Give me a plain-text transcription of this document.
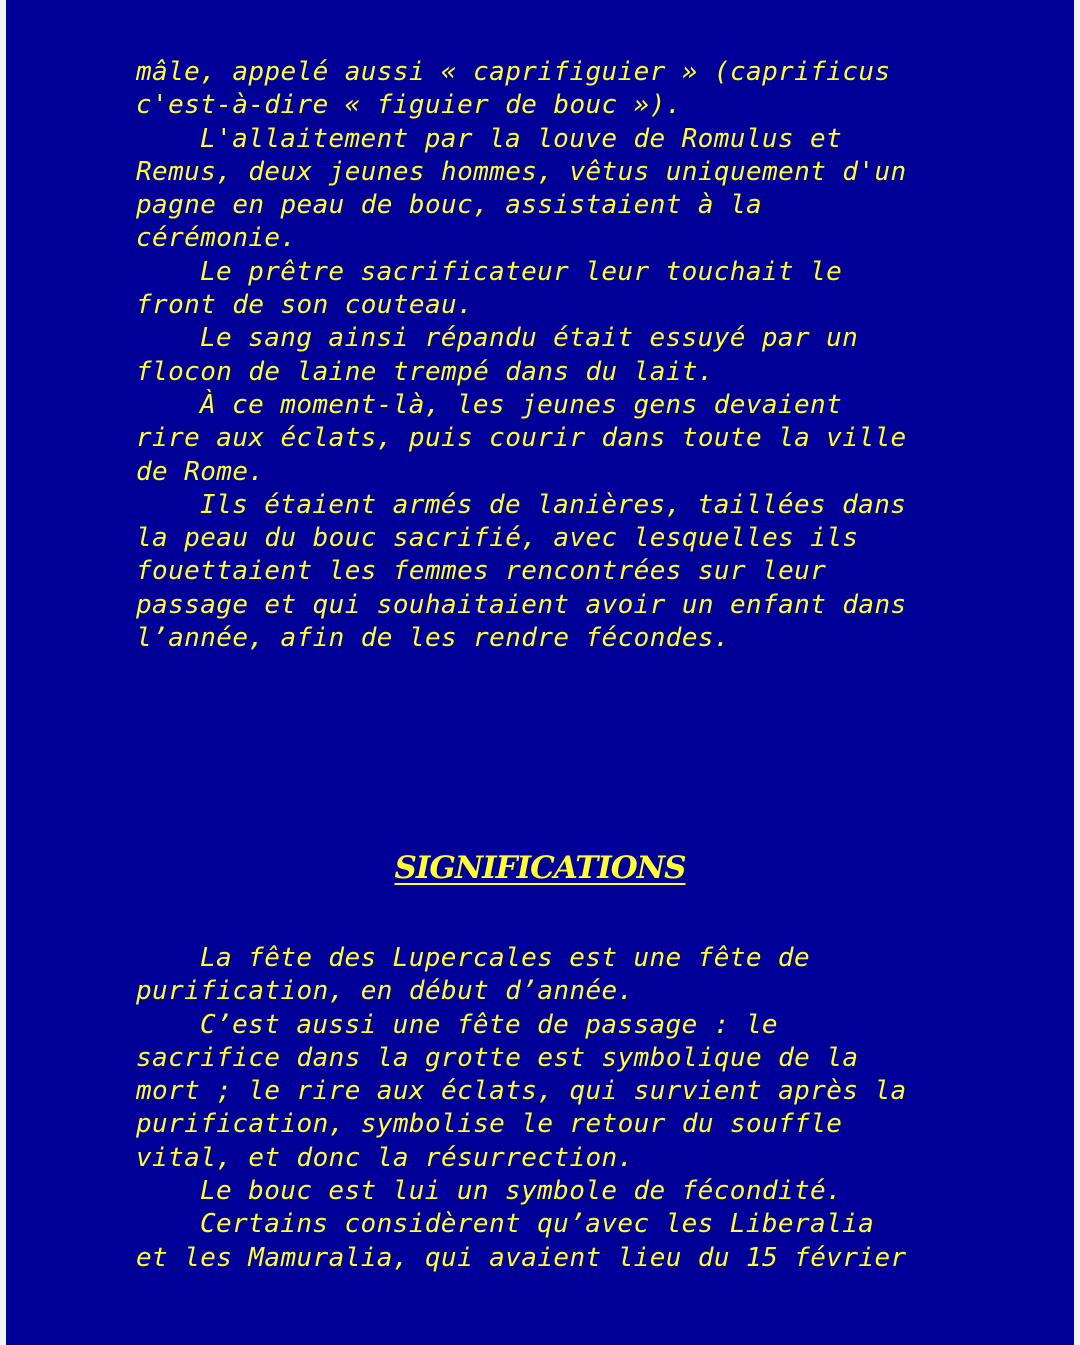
mâle, appelé aussi « caprifiguier » (caprificus
c'est-à-dire « figuier de bouc »).
L'allaitement par la louve de Romulus et
Remus, deux jeunes hommes, vêtus uniquement d'un
pagne en peau de bouc, assistaient à la
cérémonie.
Le prêtre sacrificateur leur touchait le
front de son couteau.
Le sang ainsi répandu était essuyé par un
flocon de laine trempé dans du lait.
À ce moment-là, les jeunes gens devaient
rire aux éclats, puis courir dans toute la ville
de Rome.
Ils étaient armés de lanières, taillées dans
la peau du bouc sacrifié, avec lesquelles ils
fouettaient les femmes rencontrées sur leur
passage et qui souhaitaient avoir un enfant dans
l’année, afin de les rendre fécondes.
SIGNIFICATIONS
La fête des Lupercales est une fête de
purification, en début d’année.
C’est aussi une fête de passage : le
sacrifice dans la grotte est symbolique de la
mort ; le rire aux éclats, qui survient après la
purification, symbolise le retour du souffle
vital, et donc la résurrection.
Le bouc est lui un symbole de fécondité.
Certains considèrent qu’avec les Liberalia
et les Mamuralia, qui avaient lieu du 15 février
